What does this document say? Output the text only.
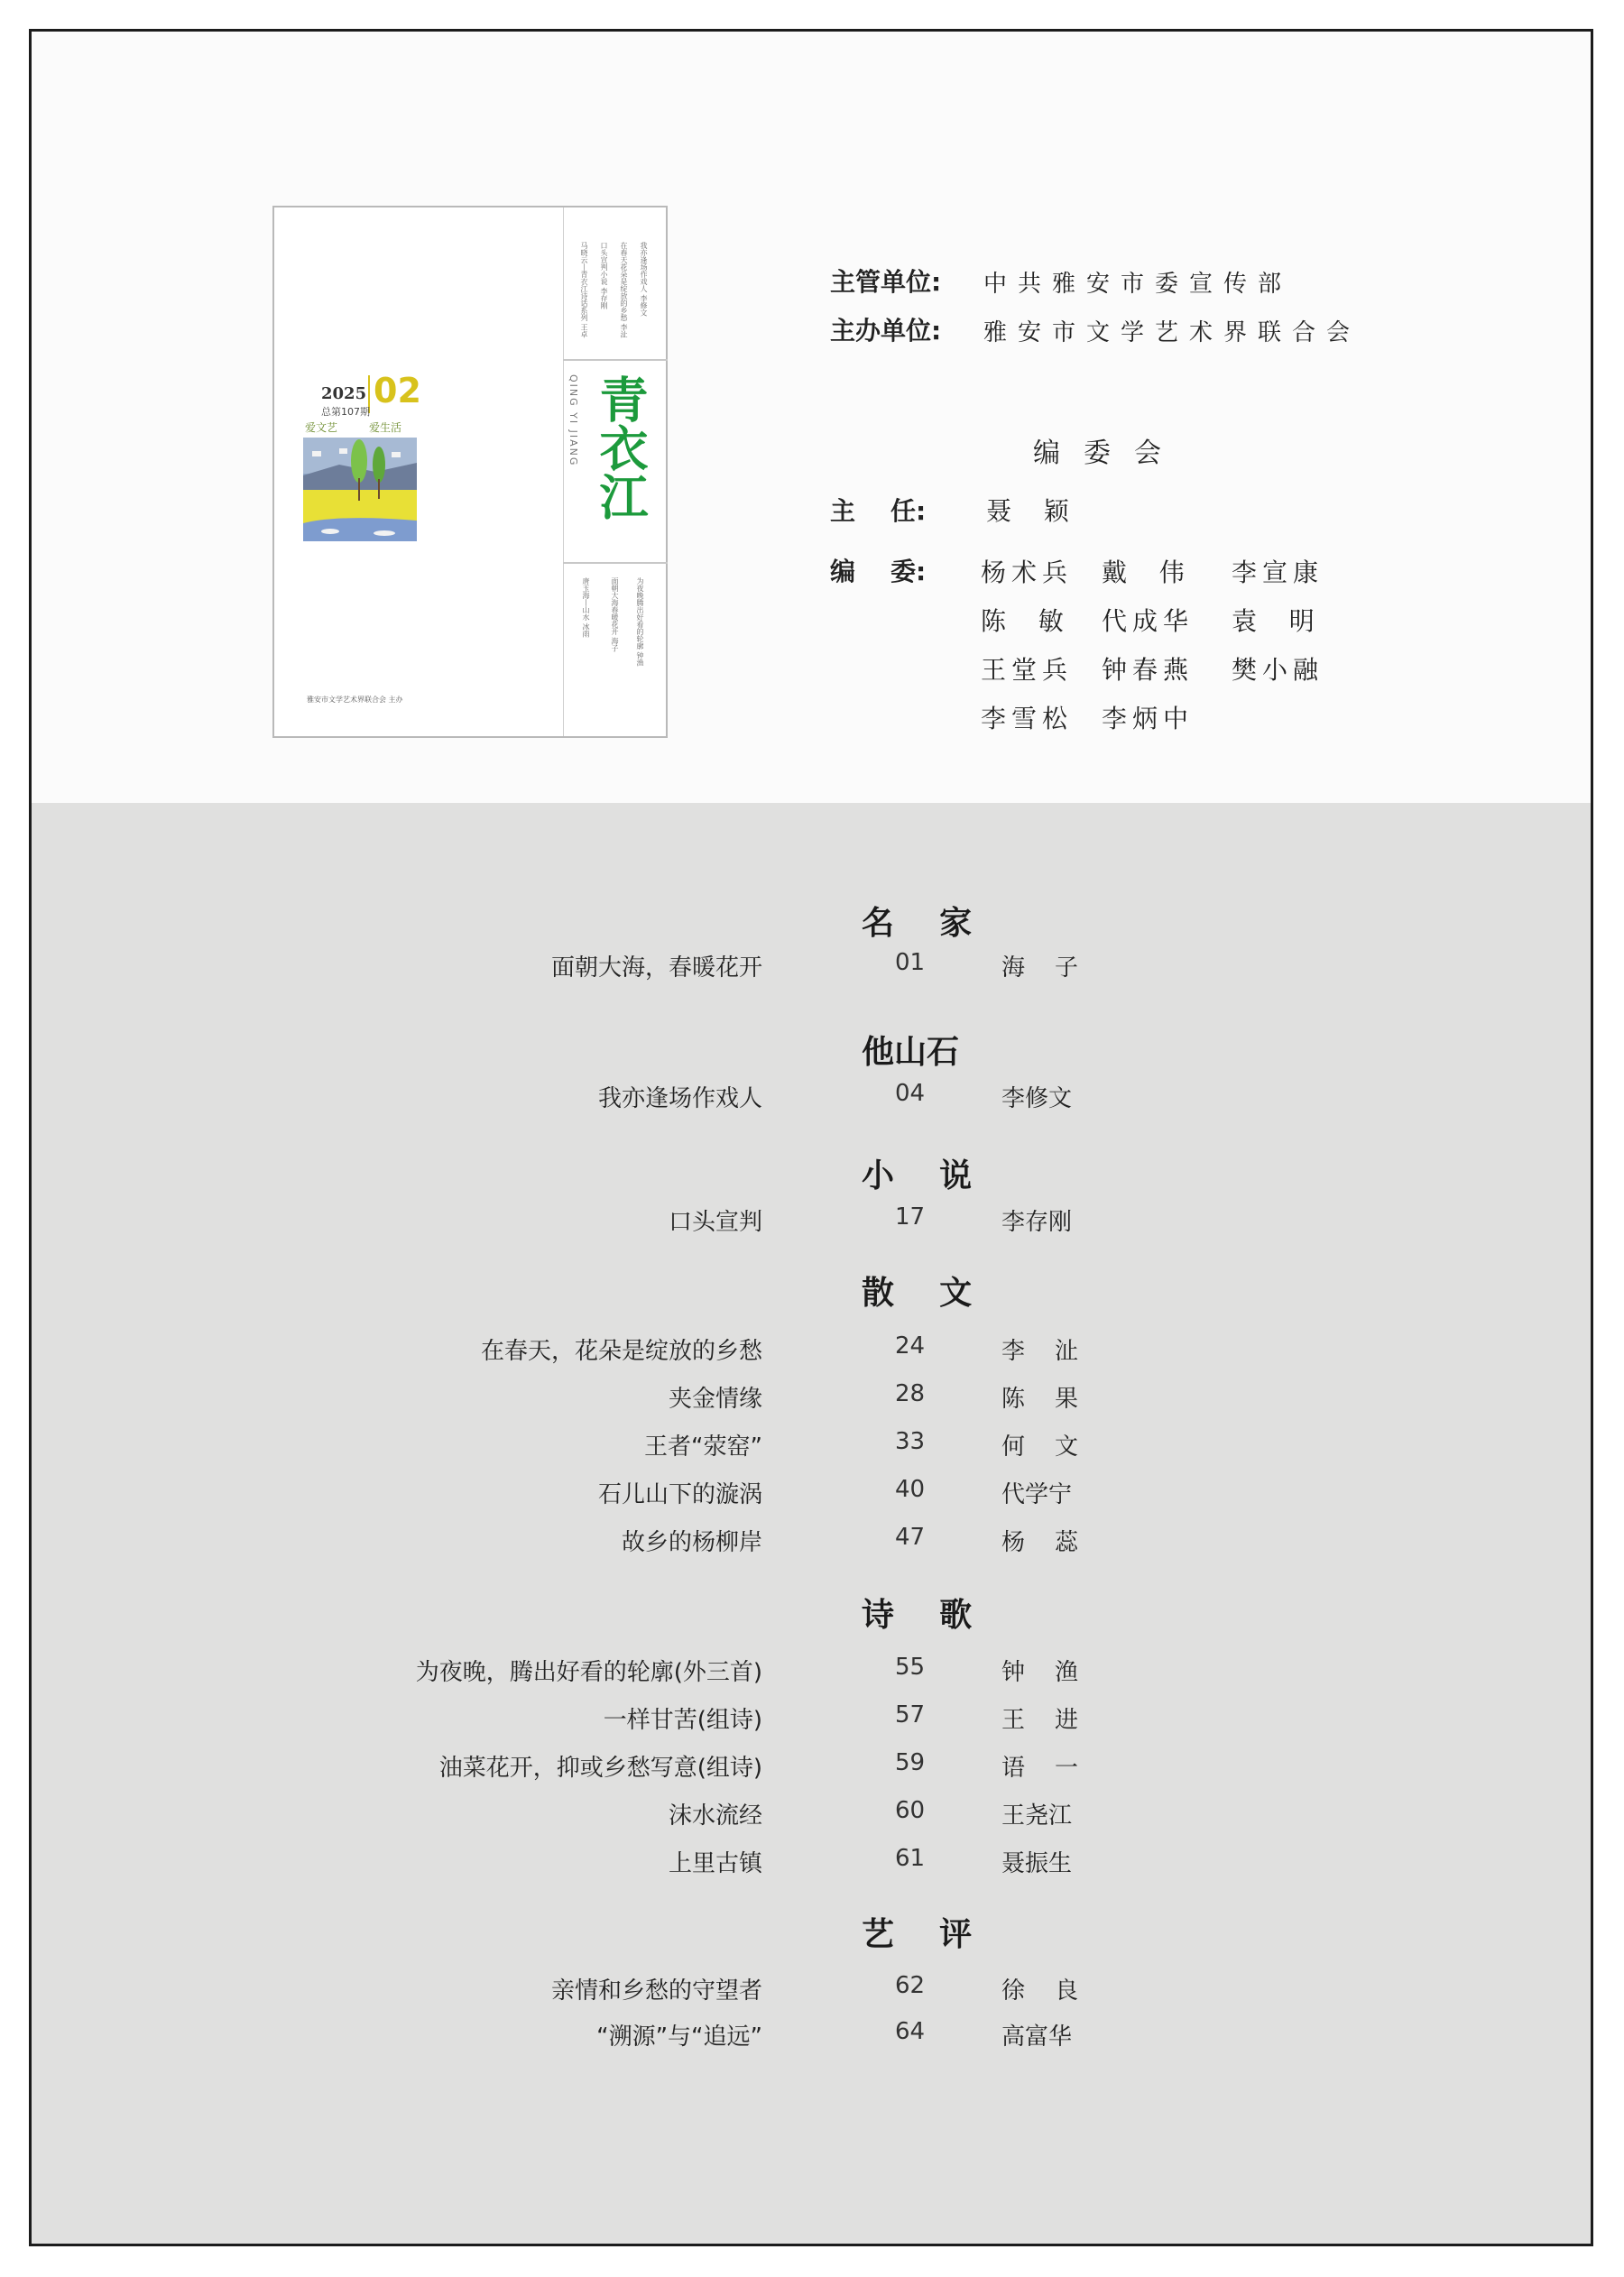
2025 02
总第107期
爱文艺	爱生活	QING YI JIANG 青衣江
马晓云丨青衣江诗话系列 王卓 口头宣判小说 李存刚 在春天花朵是绽放的乡愁 李沚 我亦逢场作戏人 李修文
唐玉海丨山水 冰雨	面朝大海春暖花开 海子 为夜晚腾出好看的轮廓 钟渔
雅安市文学艺术界联合会 主办
主管单位: 中共雅安市委宣传部
主办单位: 雅安市文学艺术界联合会
编委会
主    任: 聂  颖
编    委: 杨术兵 戴  伟 李宣康
陈  敏 代成华 袁  明
王堂兵 钟春燕 樊小融
李雪松 李炳中
名    家
面朝大海，春暖花开	01	海    子
他山石
我亦逢场作戏人	04	李修文
小    说
口头宣判	17	李存刚
散    文
在春天，花朵是绽放的乡愁	24	李    沚
夹金情缘	28	陈    果
王者“荥窑”	33	何    文
石儿山下的漩涡	40	代学宁
故乡的杨柳岸	47	杨    蕊
诗    歌
为夜晚，腾出好看的轮廓(外三首)	55	钟    渔
一样甘苦(组诗)	57	王    进
油菜花开，抑或乡愁写意(组诗)	59	语    一
沫水流经	60	王尧江
上里古镇	61	聂振生
艺    评
亲情和乡愁的守望者	62	徐    良
“溯源”与“追远”	64	高富华
